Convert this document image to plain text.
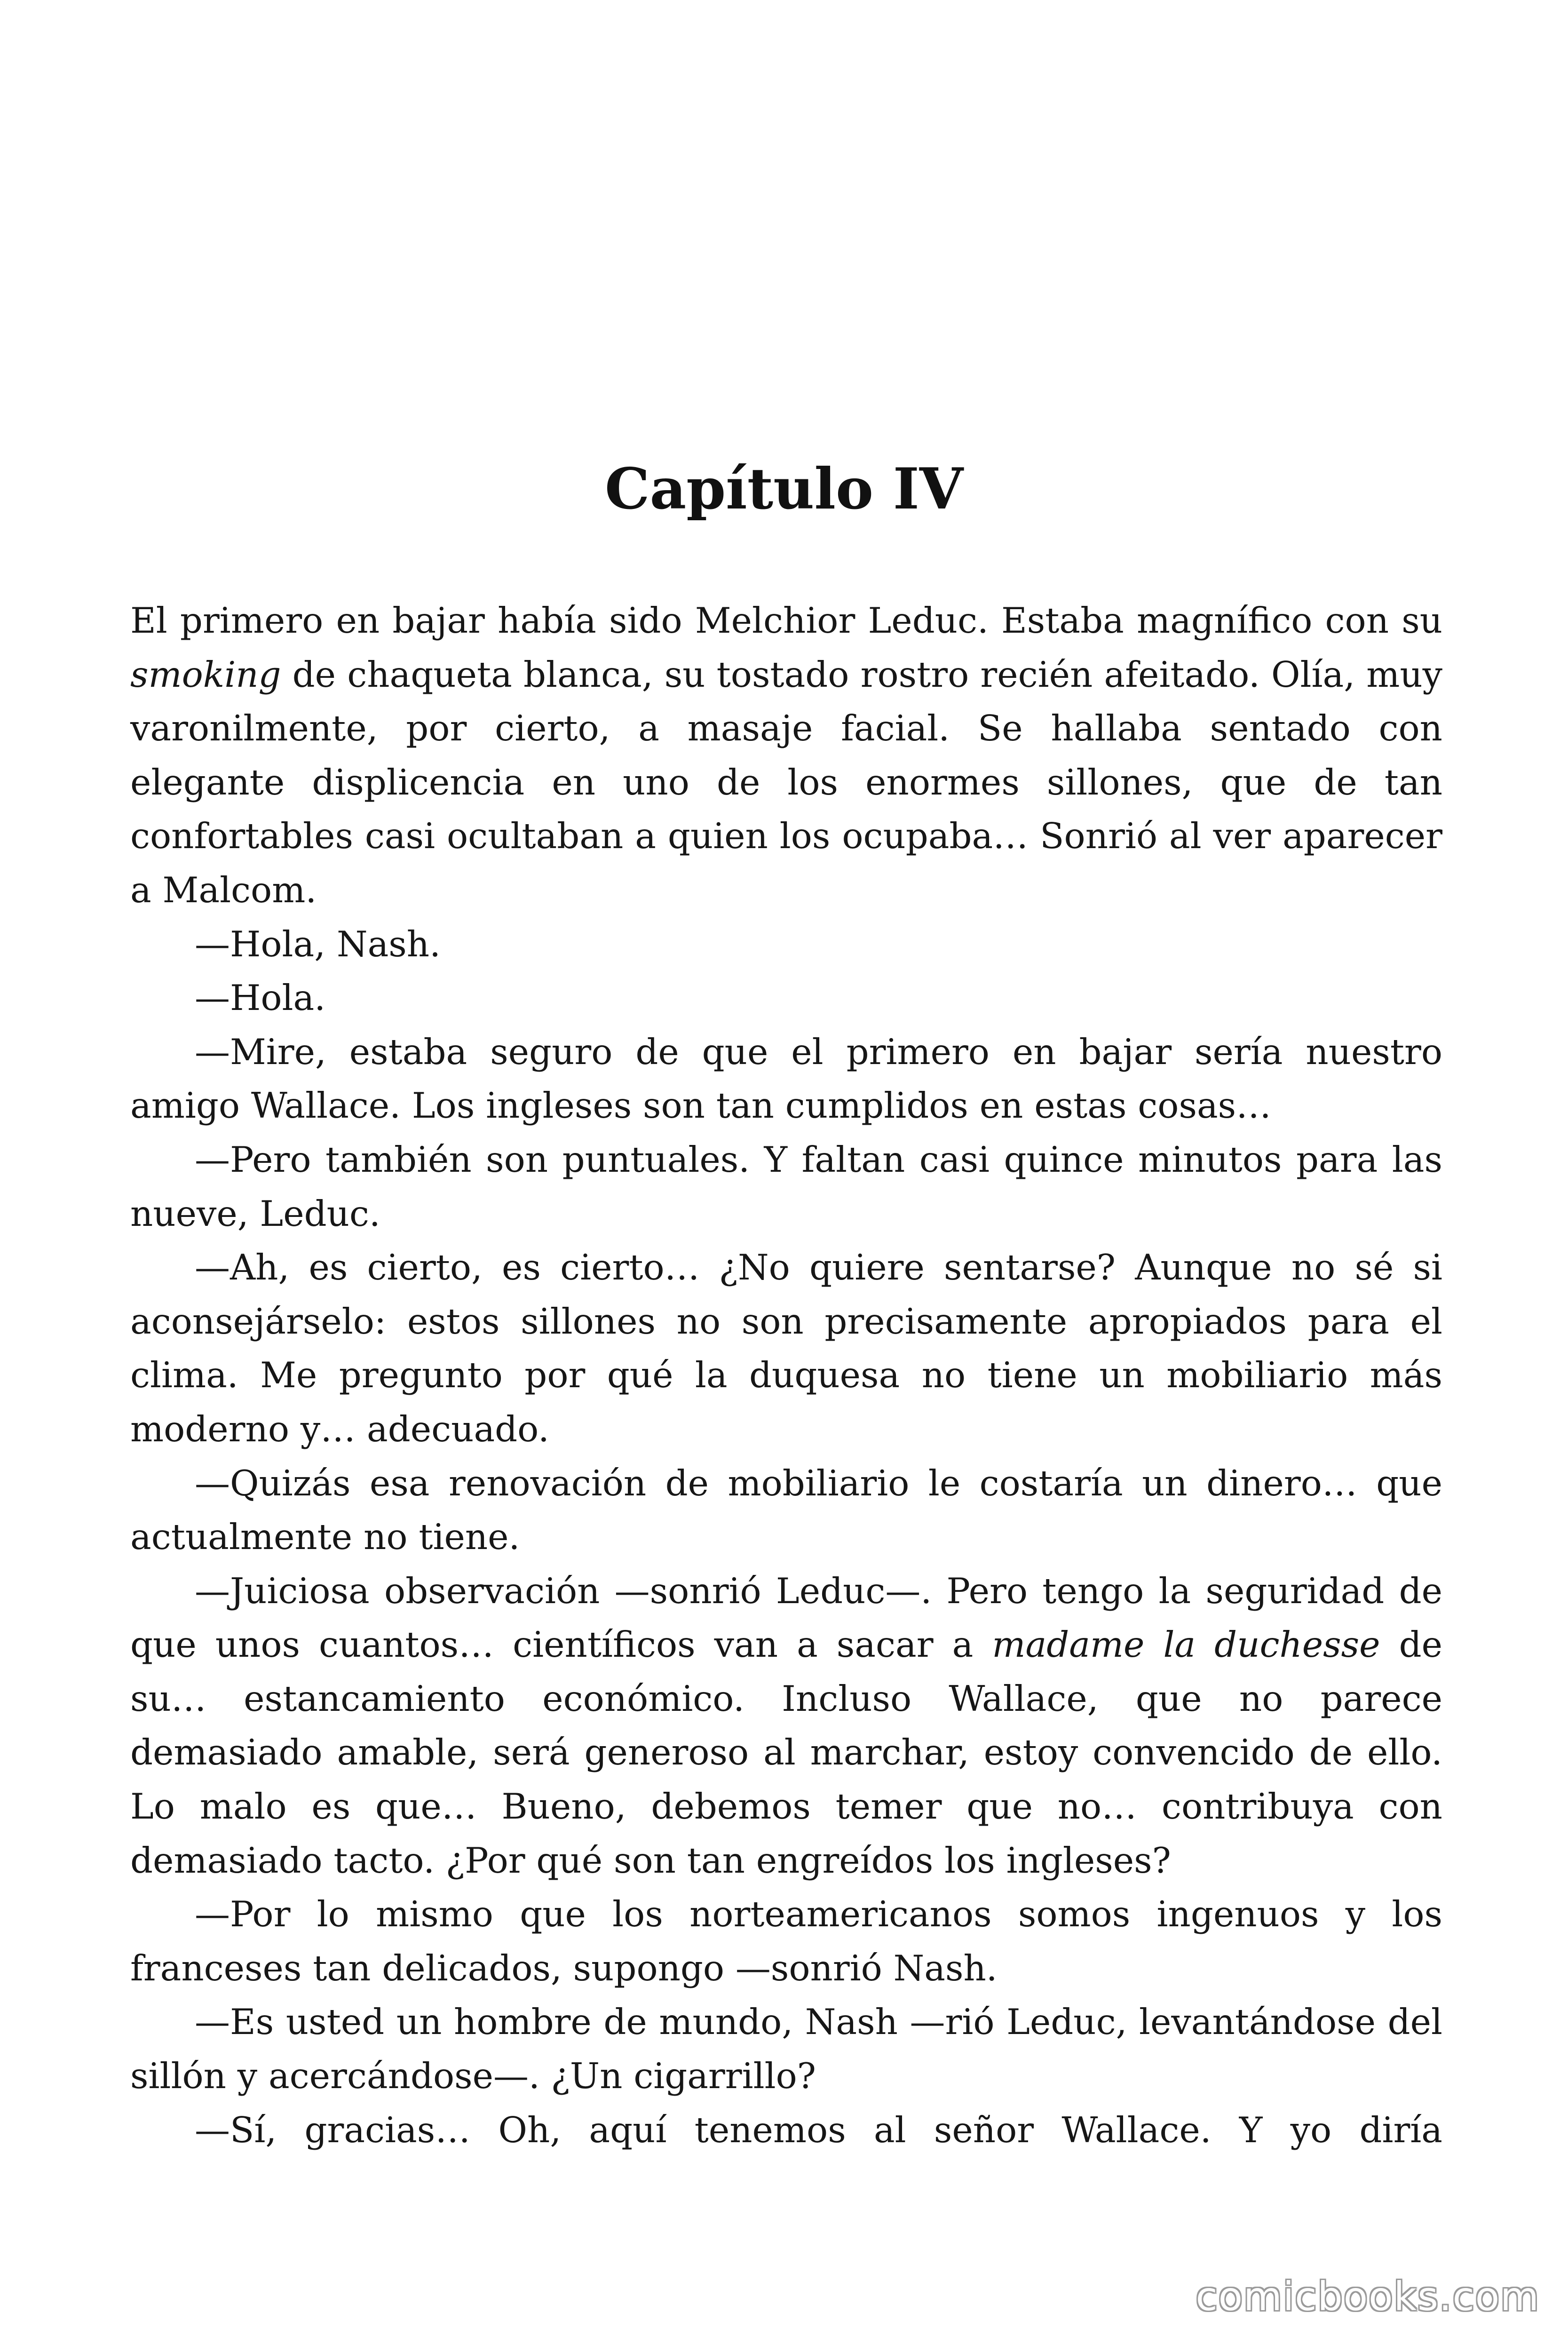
Capítulo IV

El primero en bajar había sido Melchior Leduc. Estaba magnífico con su smoking de chaqueta blanca, su tostado rostro recién afeitado. Olía, muy varonilmente, por cierto, a masaje facial. Se hallaba sentado con elegante displicencia en uno de los enormes sillones, que de tan confortables casi ocultaban a quien los ocupaba… Sonrió al ver aparecer a Malcom.

—Hola, Nash.

—Hola.

—Mire, estaba seguro de que el primero en bajar sería nuestro amigo Wallace. Los ingleses son tan cumplidos en estas cosas…

—Pero también son puntuales. Y faltan casi quince minutos para las nueve, Leduc.

—Ah, es cierto, es cierto… ¿No quiere sentarse? Aunque no sé si aconsejárselo: estos sillones no son precisamente apropiados para el clima. Me pregunto por qué la duquesa no tiene un mobiliario más moderno y… adecuado.

—Quizás esa renovación de mobiliario le costaría un dinero… que actualmente no tiene.

—Juiciosa observación —sonrió Leduc—. Pero tengo la seguridad de que unos cuantos… científicos van a sacar a madame la duchesse de su… estancamiento económico. Incluso Wallace, que no parece demasiado amable, será generoso al marchar, estoy convencido de ello. Lo malo es que… Bueno, debemos temer que no… contribuya con demasiado tacto. ¿Por qué son tan engreídos los ingleses?

—Por lo mismo que los norteamericanos somos ingenuos y los franceses tan delicados, supongo —sonrió Nash.

—Es usted un hombre de mundo, Nash —rió Leduc, levantándose del sillón y acercándose—. ¿Un cigarrillo?

—Sí, gracias… Oh, aquí tenemos al señor Wallace. Y yo diría

comicbooks.com
